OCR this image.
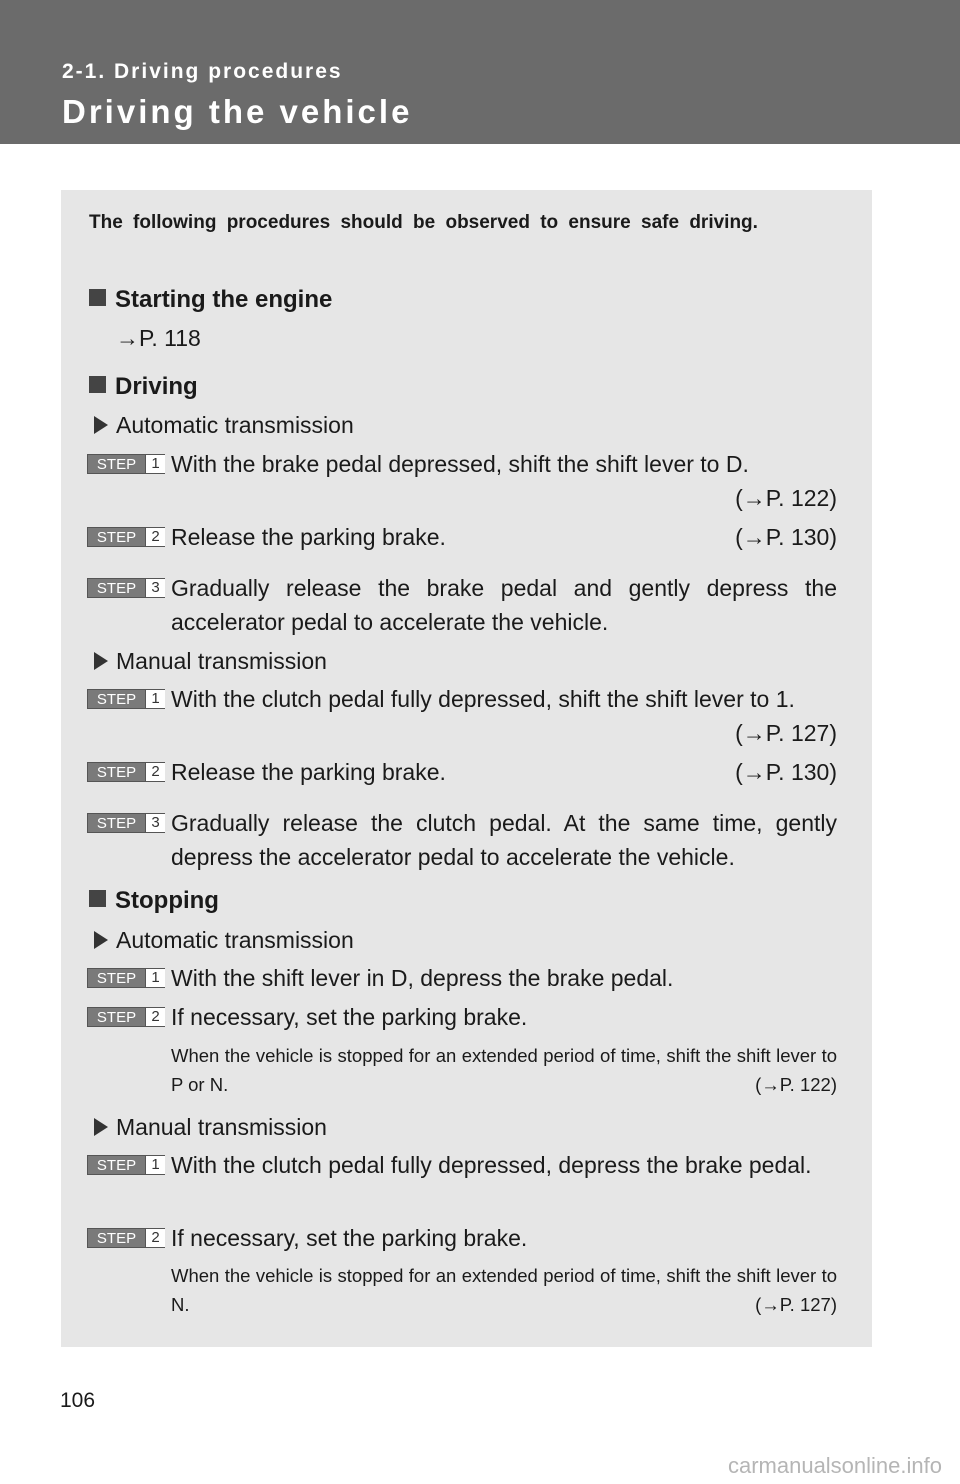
2-1. Driving procedures
Driving the vehicle
The following procedures should be observed to ensure safe driving.
Starting the engine
→P. 118
Driving
Automatic transmission
STEP	1 With the brake pedal depressed, shift the shift lever to D.
(→P. 122)
STEP	2 Release the parking brake.	(→P. 130)
STEP	3 Gradually release the brake pedal and gently depress the accelerator pedal to accelerate the vehicle.
Manual transmission
STEP	1 With the clutch pedal fully depressed, shift the shift lever to 1.
(→P. 127)
STEP	2 Release the parking brake.	(→P. 130)
STEP	3 Gradually release the clutch pedal. At the same time, gently depress the accelerator pedal to accelerate the vehicle.
Stopping
Automatic transmission
STEP	1 With the shift lever in D, depress the brake pedal.
STEP	2 If necessary, set the parking brake.
When the vehicle is stopped for an extended period of time, shift the shift lever to P or N.	(→P. 122)
Manual transmission
STEP	1 With the clutch pedal fully depressed, depress the brake pedal.
STEP	2 If necessary, set the parking brake.
When the vehicle is stopped for an extended period of time, shift the shift lever to N.	(→P. 127)
106
carmanualsonline.info
